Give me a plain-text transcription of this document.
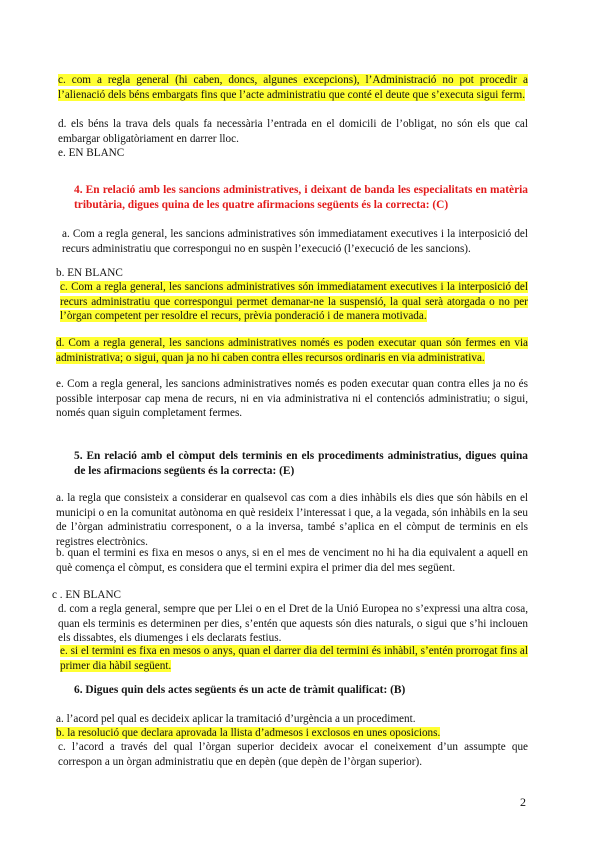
c. com a regla general (hi caben, doncs, algunes excepcions), l’Administració no pot procedir a l’alienació dels béns embargats fins que l’acte administratiu que conté el deute que s’executa sigui ferm.
d. els béns la trava dels quals fa necessària l’entrada en el domicili de l’obligat, no són els que cal embargar obligatòriament en darrer lloc.
e. EN BLANC
4. En relació amb les sancions administratives, i deixant de banda les especialitats en matèria tributària, digues quina de les quatre afirmacions següents és la correcta: (C)
a. Com a regla general, les sancions administratives són immediatament executives i la interposició del recurs administratiu que correspongui no en suspèn l’execució (l’execució de les sancions).
b. EN BLANC
c. Com a regla general, les sancions administratives són immediatament executives i la interposició del recurs administratiu que correspongui permet demanar-ne la suspensió, la qual serà atorgada o no per l’òrgan competent per resoldre el recurs, prèvia ponderació i de manera motivada.
d. Com a regla general, les sancions administratives només es poden executar quan són fermes en via administrativa; o sigui, quan ja no hi caben contra elles recursos ordinaris en via administrativa.
e. Com a regla general, les sancions administratives només es poden executar quan contra elles ja no és possible interposar cap mena de recurs, ni en via administrativa ni el contenciós administratiu; o sigui, només quan siguin completament fermes.
5. En relació amb el còmput dels terminis en els procediments administratius, digues quina de les afirmacions següents és la correcta: (E)
a. la regla que consisteix a considerar en qualsevol cas com a dies inhàbils els dies que són hàbils en el municipi o en la comunitat autònoma en què resideix l’interessat i que, a la vegada, són inhàbils en la seu de l’òrgan administratiu corresponent, o a la inversa, també s’aplica en el còmput de terminis en els registres electrònics.
b. quan el termini es fixa en mesos o anys, si en el mes de venciment no hi ha dia equivalent a aquell en què comença el còmput, es considera que el termini expira el primer dia del mes següent.
c . EN BLANC
d. com a regla general, sempre que per Llei o en el Dret de la Unió Europea no s’expressi una altra cosa, quan els terminis es determinen per dies, s’entén que aquests són dies naturals, o sigui que s’hi inclouen els dissabtes, els diumenges i els declarats festius.
e. si el termini es fixa en mesos o anys, quan el darrer dia del termini és inhàbil, s’entén prorrogat fins al primer dia hàbil següent.
6. Digues quin dels actes següents és un acte de tràmit qualificat: (B)
a. l’acord pel qual es decideix aplicar la tramitació d’urgència a un procediment.
b. la resolució que declara aprovada la llista d’admesos i exclosos en unes oposicions.
c. l’acord a través del qual l’òrgan superior decideix avocar el coneixement d’un assumpte que correspon a un òrgan administratiu que en depèn (que depèn de l’òrgan superior).
2
